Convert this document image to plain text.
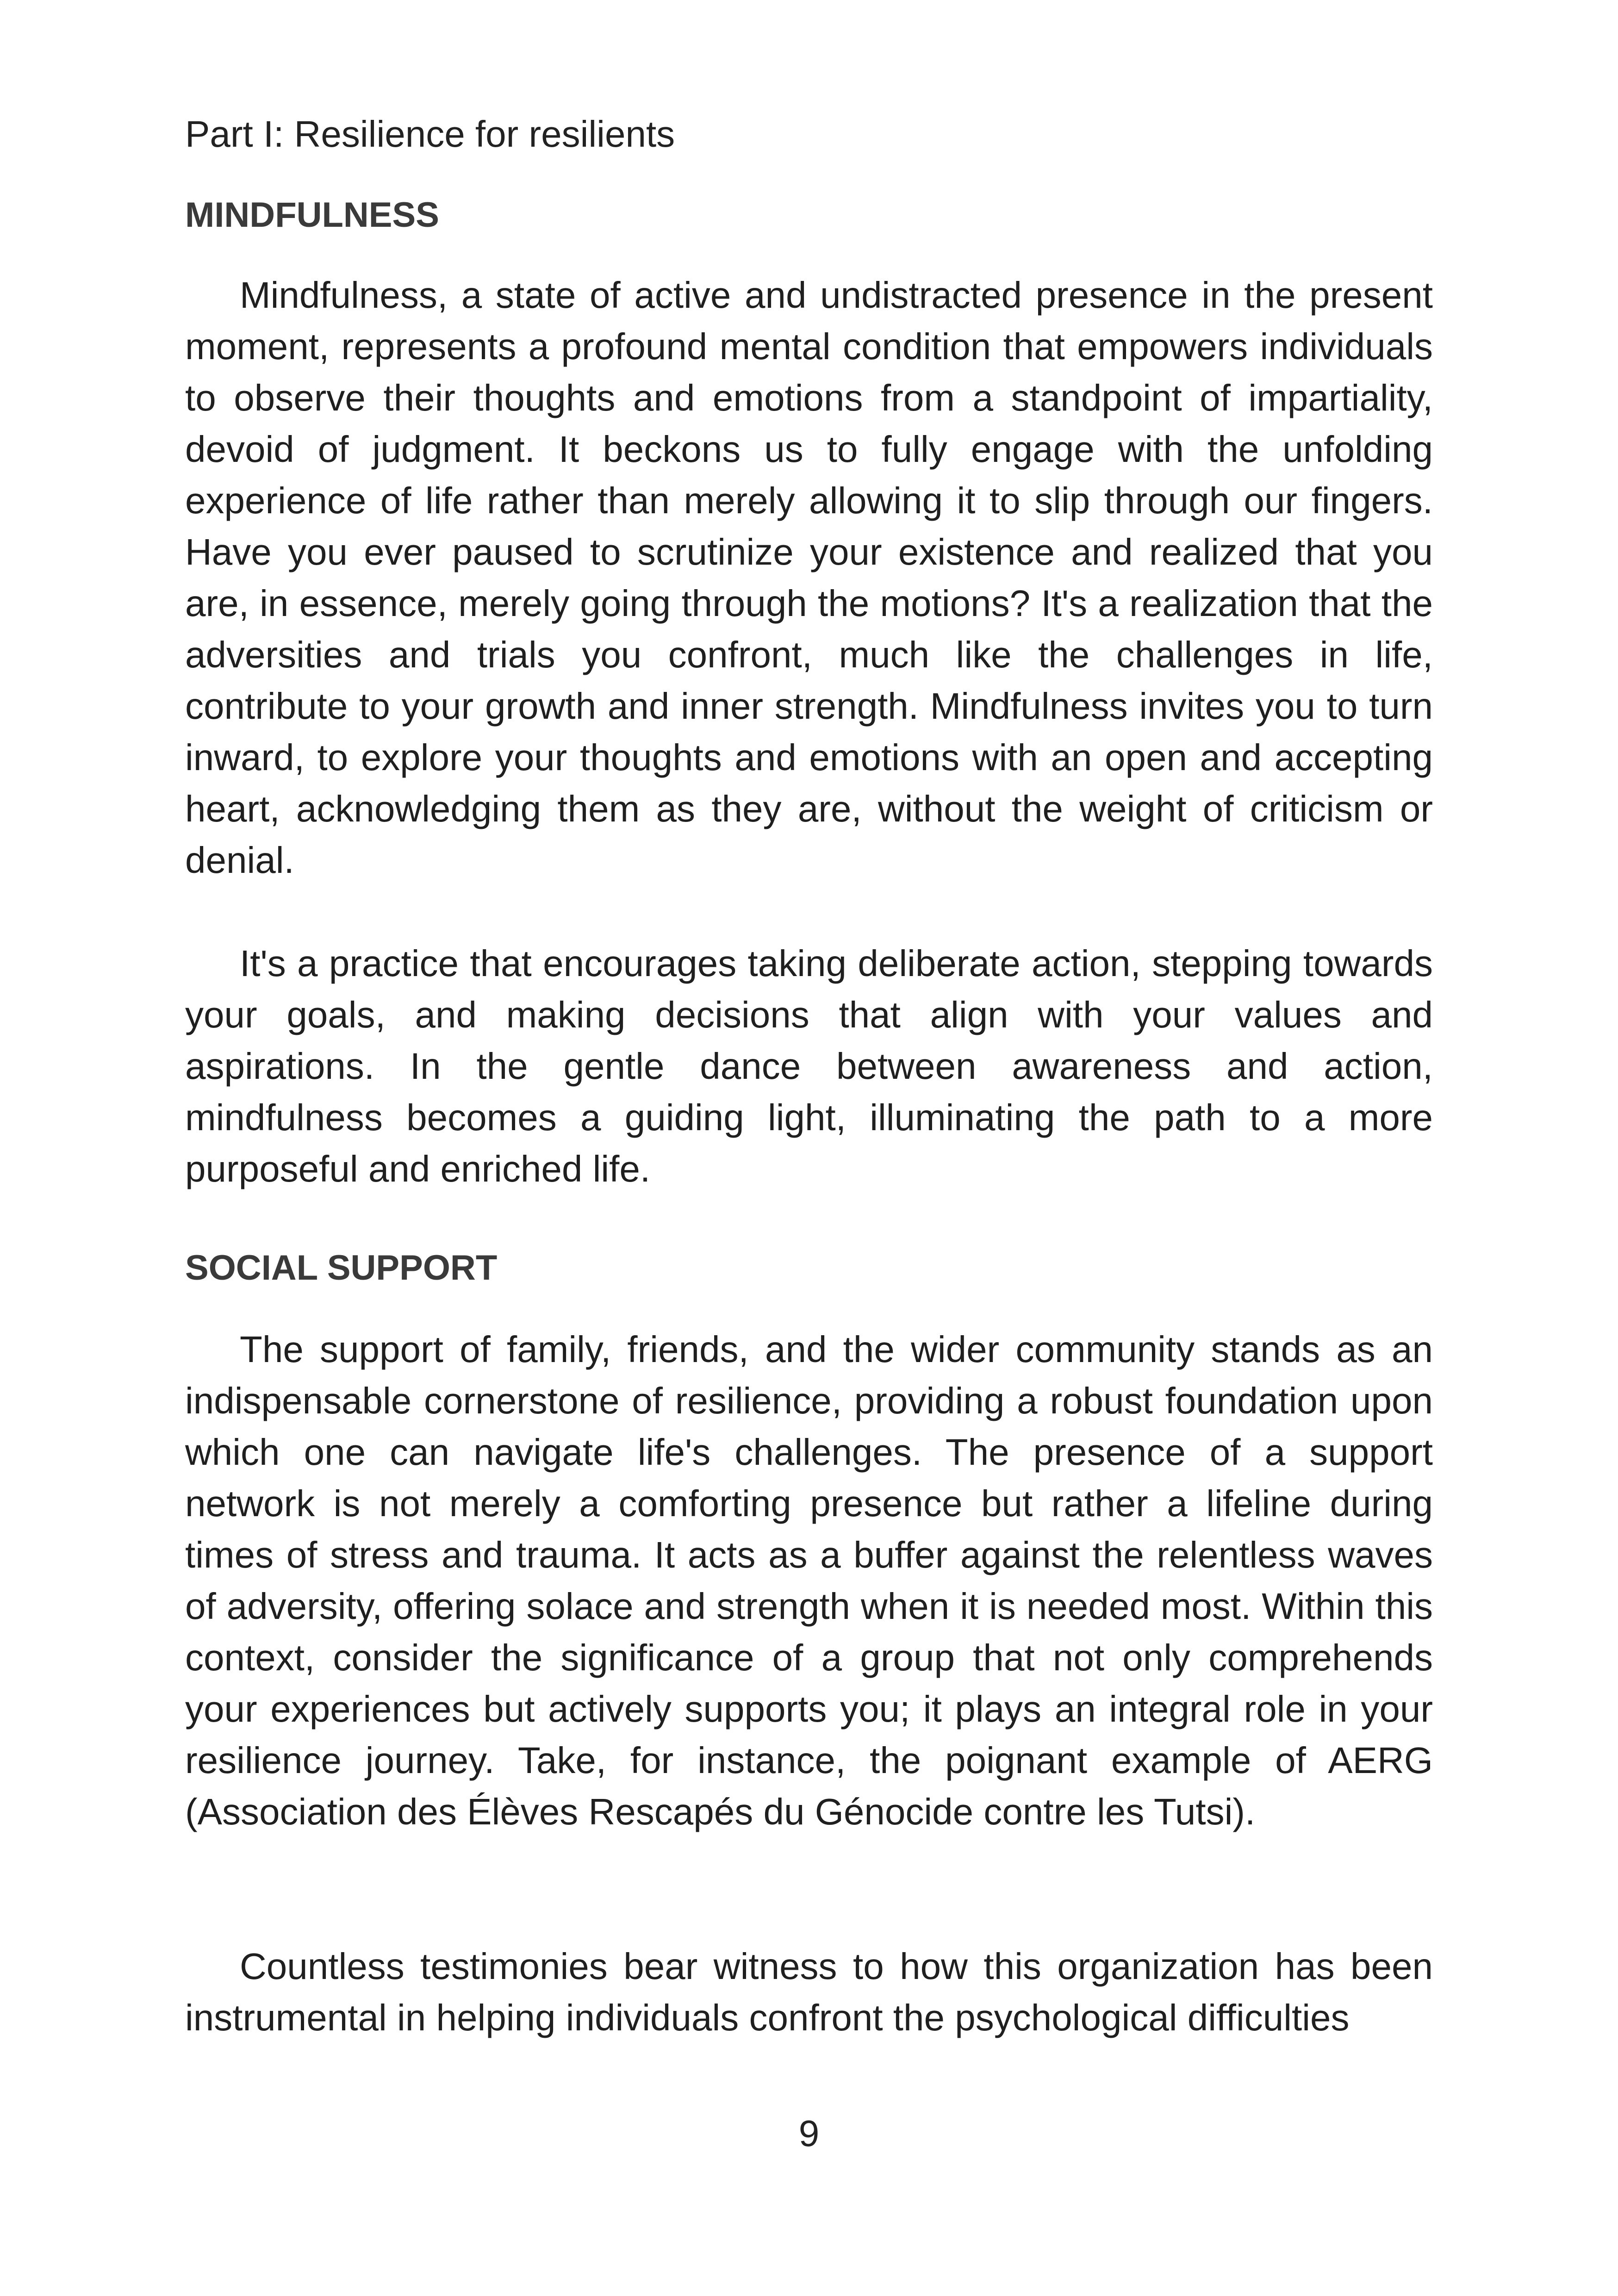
Part I: Resilience for resilients
MINDFULNESS

Mindfulness, a state of active and undistracted presence in the present moment, represents a profound mental condition that empowers individuals to observe their thoughts and emotions from a standpoint of impartiality, devoid of judgment. It beckons us to fully engage with the unfolding experience of life rather than merely allowing it to slip through our fingers. Have you ever paused to scrutinize your existence and realized that you are, in essence, merely going through the motions? It's a realization that the adversities and trials you confront, much like the challenges in life, contribute to your growth and inner strength. Mindfulness invites you to turn inward, to explore your thoughts and emotions with an open and accepting heart, acknowledging them as they are, without the weight of criticism or denial.

It's a practice that encourages taking deliberate action, stepping towards your goals, and making decisions that align with your values and aspirations. In the gentle dance between awareness and action, mindfulness becomes a guiding light, illuminating the path to a more purposeful and enriched life.

SOCIAL SUPPORT

The support of family, friends, and the wider community stands as an indispensable cornerstone of resilience, providing a robust foundation upon which one can navigate life's challenges. The presence of a support network is not merely a comforting presence but rather a lifeline during times of stress and trauma. It acts as a buffer against the relentless waves of adversity, offering solace and strength when it is needed most. Within this context, consider the significance of a group that not only comprehends your experiences but actively supports you; it plays an integral role in your resilience journey. Take, for instance, the poignant example of AERG (Association des Élèves Rescapés du Génocide contre les Tutsi).

Countless testimonies bear witness to how this organization has been instrumental in helping individuals confront the psychological difficulties

9
